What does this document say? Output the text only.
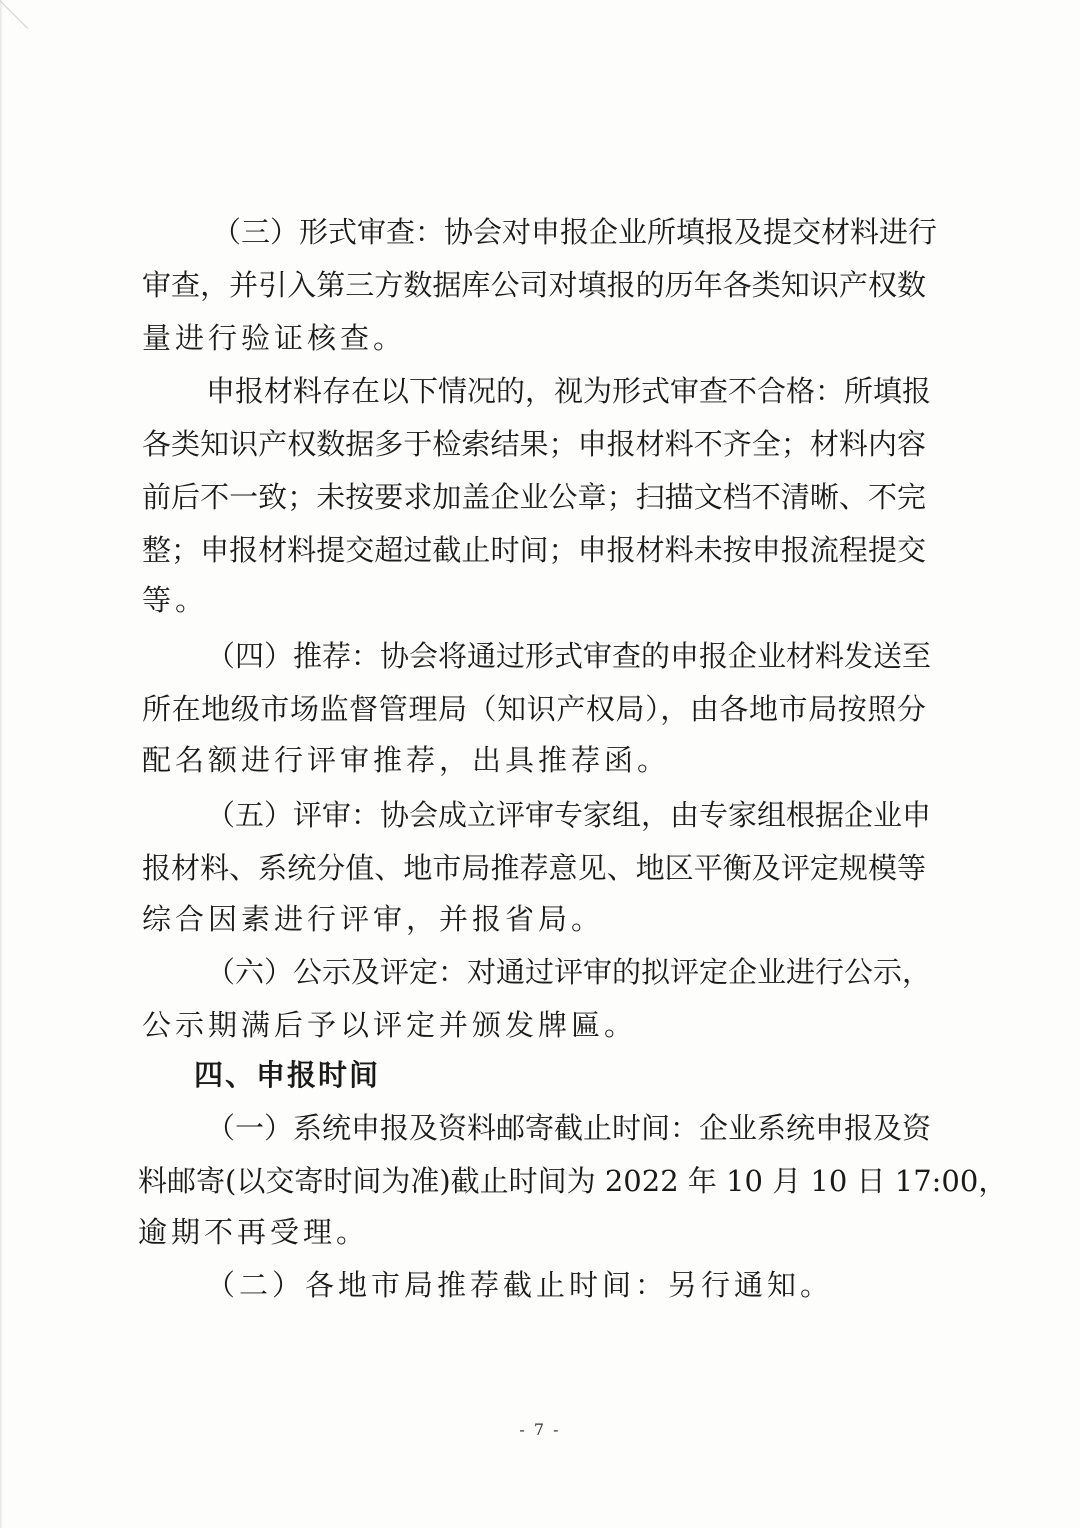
（三）形式审查：协会对申报企业所填报及提交材料进行
审查，并引入第三方数据库公司对填报的历年各类知识产权数
量进行验证核查。
申报材料存在以下情况的，视为形式审查不合格：所填报
各类知识产权数据多于检索结果；申报材料不齐全；材料内容
前后不一致；未按要求加盖企业公章；扫描文档不清晰、不完
整；申报材料提交超过截止时间；申报材料未按申报流程提交
等。
（四）推荐：协会将通过形式审查的申报企业材料发送至
所在地级市场监督管理局（知识产权局），由各地市局按照分
配名额进行评审推荐，出具推荐函。
（五）评审：协会成立评审专家组，由专家组根据企业申
报材料、系统分值、地市局推荐意见、地区平衡及评定规模等
综合因素进行评审，并报省局。
（六）公示及评定：对通过评审的拟评定企业进行公示，
公示期满后予以评定并颁发牌匾。
四、申报时间
（一）系统申报及资料邮寄截止时间：企业系统申报及资
料邮寄(以交寄时间为准)截止时间为 2022 年 10 月 10 日 17:00，
逾期不再受理。
（二）各地市局推荐截止时间：另行通知。
- 7 -
